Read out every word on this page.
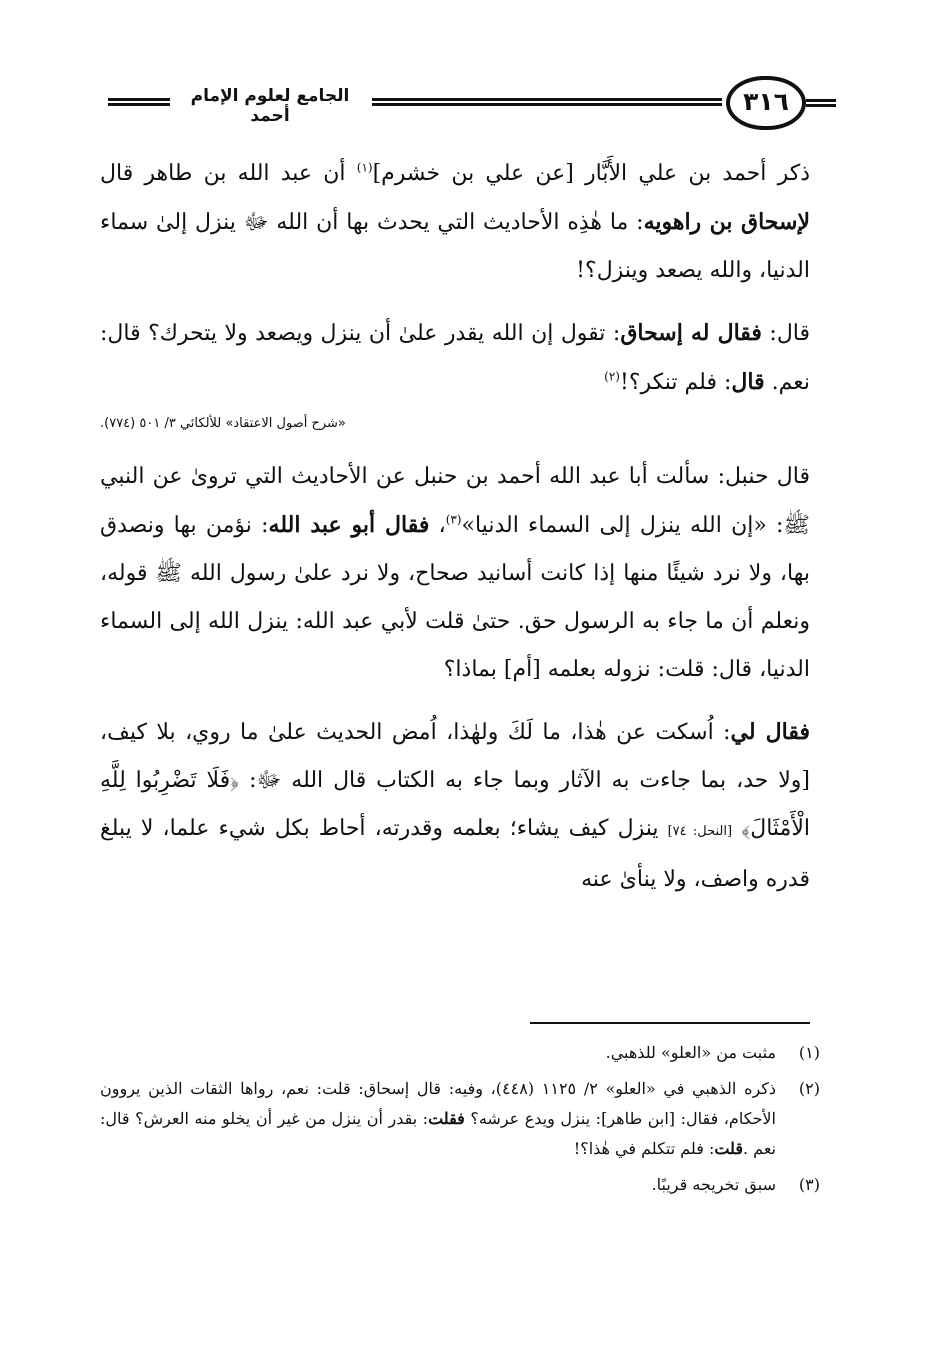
الجامع لعلوم الإمام أحمد	٣١٦

ذكر أحمد بن علي الأَبَّار [عن علي بن خشرم]$^{(١)}$ أن عبد الله بن طاهر قال لإسحاق بن راهويه: ما هٰذِه الأحاديث التي يحدث بها أن الله ﷻ ينزل إلىٰ سماء الدنيا، والله يصعد وينزل؟!

قال: فقال له إسحاق: تقول إن الله يقدر علىٰ أن ينزل ويصعد ولا يتحرك؟ قال: نعم. قال: فلم تنكر؟!$^{(٢)}$

«شرح أصول الاعتقاد» للألكائي ٣/ ٥٠١ (٧٧٤).

قال حنبل: سألت أبا عبد الله أحمد بن حنبل عن الأحاديث التي تروىٰ عن النبي ﷺ: «إن الله ينزل إلى السماء الدنيا»$^{(٣)}$، فقال أبو عبد الله: نؤمن بها ونصدق بها، ولا نرد شيئًا منها إذا كانت أسانيد صحاح، ولا نرد علىٰ رسول الله ﷺ قوله، ونعلم أن ما جاء به الرسول حق. حتىٰ قلت لأبي عبد الله: ينزل الله إلى السماء الدنيا، قال: قلت: نزوله بعلمه [أم] بماذا؟

فقال لي: اُسكت عن هٰذا، ما لَكَ ولهٰذا، اُمض الحديث علىٰ ما روي، بلا كيف، [ولا حد، بما جاءت به الآثار وبما جاء به الكتاب قال الله ﷻ: ﴿فَلَا تَضْرِبُوا لِلَّهِ الْأَمْثَالَ﴾ [النحل: ٧٤] ينزل كيف يشاء؛ بعلمه وقدرته، أحاط بكل شيء علما، لا يبلغ قدره واصف، ولا ينأىٰ عنه

(١)
مثبت من «العلو» للذهبي.
(٢)
ذكره الذهبي في «العلو» ٢/ ١١٢٥ (٤٤٨)، وفيه: قال إسحاق: قلت: نعم، رواها الثقات الذين يروون الأحكام، فقال: [ابن طاهر]: ينزل ويدع عرشه؟ فقلت: بقدر أن ينزل من غير أن يخلو منه العرش؟ قال: نعم .قلت: فلم تتكلم في هٰذا؟!
(٣)
سبق تخريجه قريبًا.
